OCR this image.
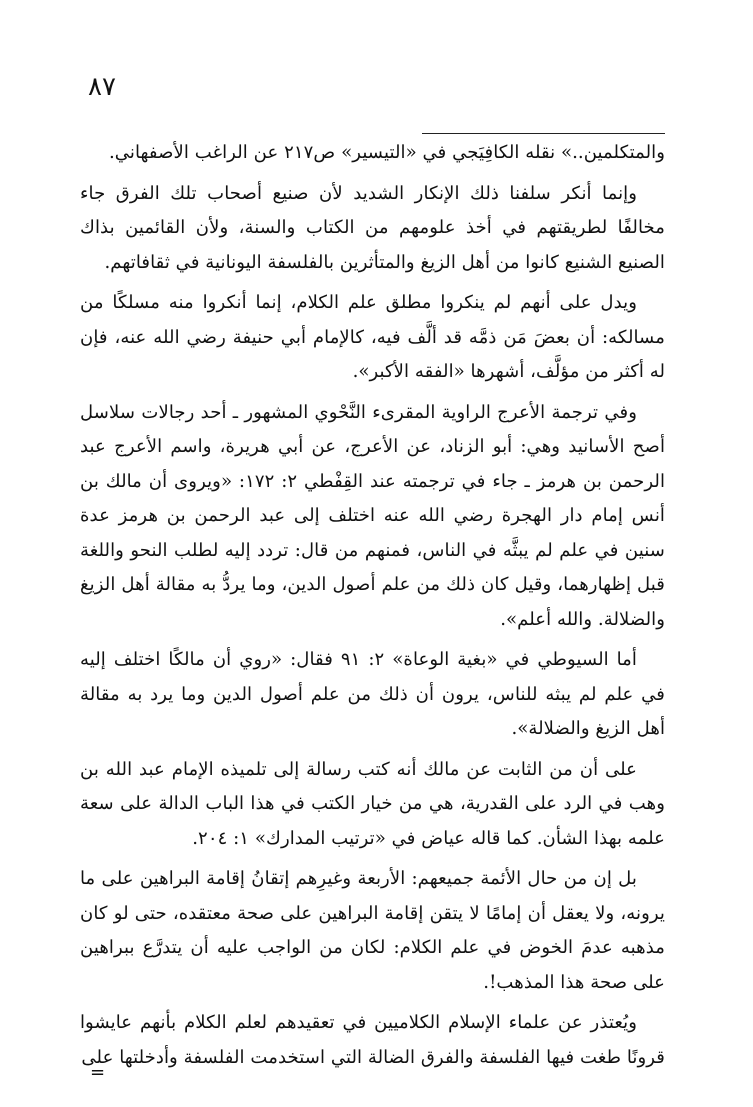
٨٧

والمتكلمين..» نقله الكافِيَجي في «التيسير» ص٢١٧ عن الراغب الأصفهاني.

وإنما أنكر سلفنا ذلك الإنكار الشديد لأن صنيع أصحاب تلك الفرق جاء مخالفًا لطريقتهم في أخذ علومهم من الكتاب والسنة، ولأن القائمين بذاك الصنيع الشنيع كانوا من أهل الزيغ والمتأثرين بالفلسفة اليونانية في ثقافاتهم.

ويدل على أنهم لم ينكروا مطلق علم الكلام، إنما أنكروا منه مسلكًا من مسالكه: أن بعضَ مَن ذمَّه قد ألَّف فيه، كالإمام أبي حنيفة رضي الله عنه، فإن له أكثر من مؤلَّف، أشهرها «الفقه الأكبر».

وفي ترجمة الأعرج الراوية المقرىء النَّحْوي المشهور ـ أحد رجالات سلاسل أصح الأسانيد وهي: أبو الزناد، عن الأعرج، عن أبي هريرة، واسم الأعرج عبد الرحمن بن هرمز ـ جاء في ترجمته عند القِفْطي ٢: ١٧٢: «ويروى أن مالك بن أنس إمام دار الهجرة رضي الله عنه اختلف إلى عبد الرحمن بن هرمز عدة سنين في علم لم يبثَّه في الناس، فمنهم من قال: تردد إليه لطلب النحو واللغة قبل إظهارهما، وقيل كان ذلك من علم أصول الدين، وما يردُّ به مقالة أهل الزيغ والضلالة. والله أعلم».

أما السيوطي في «بغية الوعاة» ٢: ٩١ فقال: «روي أن مالكًا اختلف إليه في علم لم يبثه للناس، يرون أن ذلك من علم أصول الدين وما يرد به مقالة أهل الزيغ والضلالة».

على أن من الثابت عن مالك أنه كتب رسالة إلى تلميذه الإمام عبد الله بن وهب في الرد على القدرية، هي من خيار الكتب في هذا الباب الدالة على سعة علمه بهذا الشأن. كما قاله عياض في «ترتيب المدارك» ١: ٢٠٤.

بل إن من حال الأئمة جميعهم: الأربعة وغيرِهم إتقانُ إقامة البراهين على ما يرونه، ولا يعقل أن إمامًا لا يتقن إقامة البراهين على صحة معتقده، حتى لو كان مذهبه عدمَ الخوض في علم الكلام: لكان من الواجب عليه أن يتدرَّع ببراهين على صحة هذا المذهب!.

ويُعتذر عن علماء الإسلام الكلاميين في تعقيدهم لعلم الكلام بأنهم عايشوا قرونًا طغت فيها الفلسفة والفرق الضالة التي استخدمت الفلسفة وأدخلتها على

=
